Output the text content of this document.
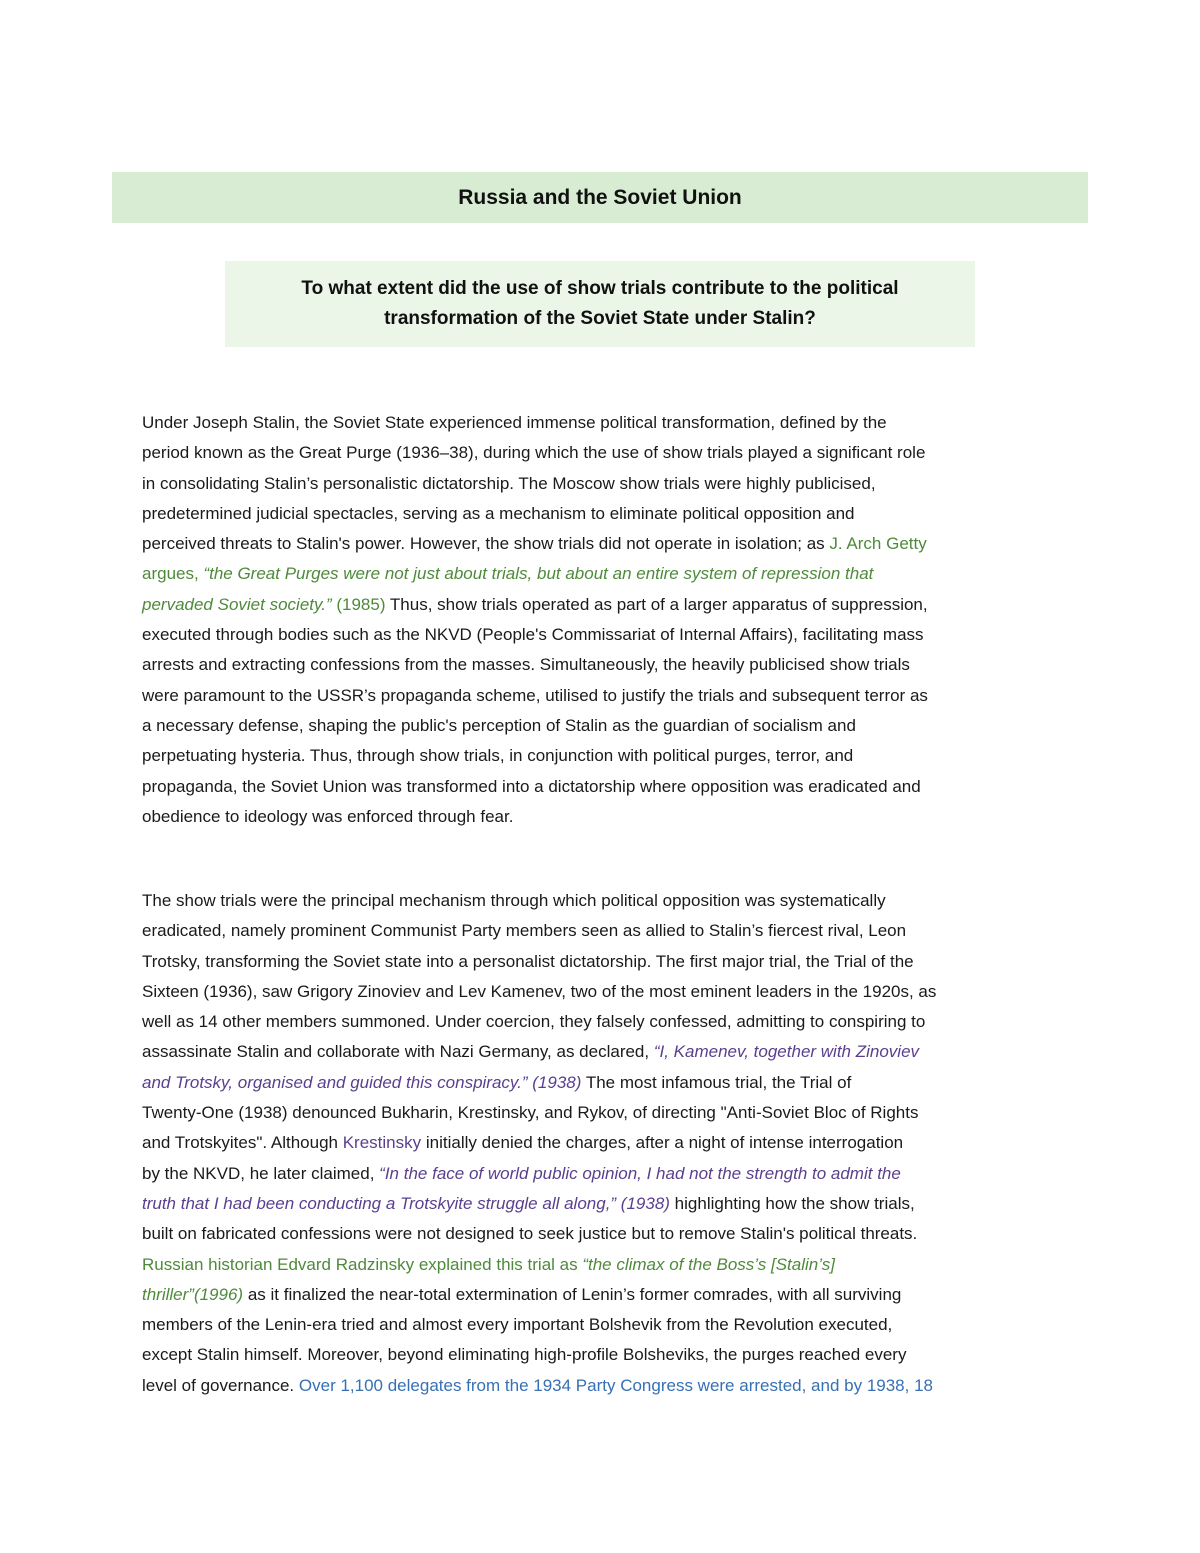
Russia and the Soviet Union
To what extent did the use of show trials contribute to the political
transformation of the Soviet State under Stalin?
Under Joseph Stalin, the Soviet State experienced immense political transformation, defined by the
period known as the Great Purge (1936–38), during which the use of show trials played a significant role
in consolidating Stalin’s personalistic dictatorship. The Moscow show trials were highly publicised,
predetermined judicial spectacles, serving as a mechanism to eliminate political opposition and
perceived threats to Stalin's power. However, the show trials did not operate in isolation; as J. Arch Getty
argues, “the Great Purges were not just about trials, but about an entire system of repression that
pervaded Soviet society.” (1985) Thus, show trials operated as part of a larger apparatus of suppression,
executed through bodies such as the NKVD (People's Commissariat of Internal Affairs), facilitating mass
arrests and extracting confessions from the masses. Simultaneously, the heavily publicised show trials
were paramount to the USSR’s propaganda scheme, utilised to justify the trials and subsequent terror as
a necessary defense, shaping the public's perception of Stalin as the guardian of socialism and
perpetuating hysteria. Thus, through show trials, in conjunction with political purges, terror, and
propaganda, the Soviet Union was transformed into a dictatorship where opposition was eradicated and
obedience to ideology was enforced through fear.
The show trials were the principal mechanism through which political opposition was systematically
eradicated, namely prominent Communist Party members seen as allied to Stalin’s fiercest rival, Leon
Trotsky, transforming the Soviet state into a personalist dictatorship. The first major trial, the Trial of the
Sixteen (1936), saw Grigory Zinoviev and Lev Kamenev, two of the most eminent leaders in the 1920s, as
well as 14 other members summoned. Under coercion, they falsely confessed, admitting to conspiring to
assassinate Stalin and collaborate with Nazi Germany, as declared, “I, Kamenev, together with Zinoviev
and Trotsky, organised and guided this conspiracy.” (1938) The most infamous trial, the Trial of
Twenty-One (1938) denounced Bukharin, Krestinsky, and Rykov, of directing "Anti-Soviet Bloc of Rights
and Trotskyites". Although Krestinsky initially denied the charges, after a night of intense interrogation
by the NKVD, he later claimed, “In the face of world public opinion, I had not the strength to admit the
truth that I had been conducting a Trotskyite struggle all along,” (1938) highlighting how the show trials,
built on fabricated confessions were not designed to seek justice but to remove Stalin's political threats.
Russian historian Edvard Radzinsky explained this trial as “the climax of the Boss’s [Stalin’s]
thriller”(1996) as it finalized the near-total extermination of Lenin’s former comrades, with all surviving
members of the Lenin-era tried and almost every important Bolshevik from the Revolution executed,
except Stalin himself. Moreover, beyond eliminating high-profile Bolsheviks, the purges reached every
level of governance. Over 1,100 delegates from the 1934 Party Congress were arrested, and by 1938, 18
